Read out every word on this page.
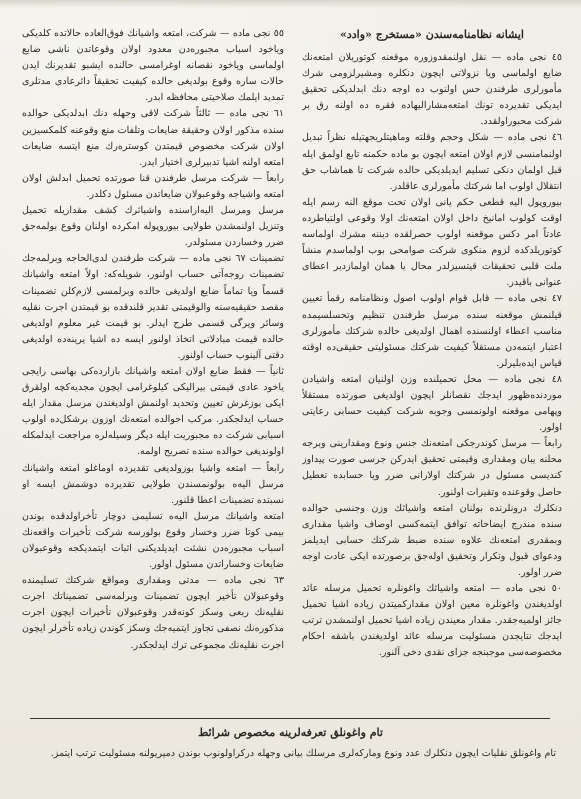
ایشانه نظامنامه‌سندن «مستخرج «وادد»

٤٥ نجی ماده — نقل اولنمقدوزوره موقعنه کوتوریلان امتعه‌نك ضایع اولماسی ویا نزولاتی ایچون دنکلره ومشیرلزومی شرك مأمورلری طرفندن حس اولنوب ده اوجه دنك ابدلدیکی تحقیق ایدیکی تقدیرده تونك امتعه‌مشارالیهاده فقره ده اولنه رق بر شرکت محبوراولقدد.

٤٦ نجی ماده — شکل وحجم وقلته وماهیتلریجهتیله نظراً تبدیل اولنمامنسی لازم اولان امتعه‌ ایچون بو ماده حکمنه تابع اولمق ایله قبل اولمان دنکی تسلیم ایدیلدیکی حالده شرکت تا هماشاب حق انتقلال اولوب اما شرکتك مأمورلری عاقلدر.

بیوروپول الیه قطعی حکم یانی اولان تحت موقع النه رسم ایله اوقت کولوب امانیخ داخل اولان امتعه‌نك اولا وقوعی اولتیاطرده عادتاً امر دکس موقعنه اولوب حصرلقده دیننه مشرك اولماسه کوتوریلدکده لزوم منکوی شرکت صوامحی بوب اولماسدم منشاً ملت قلبی تحقیقات قیتسیزلدر محال یا همان اولمازدیر اعطای عنوانی باقیدر.

٤٧ نجی ماده — قابل قوام اولوب اصول ونظامنامه رقمأ تعیین قیلنمش موقعنه سنده مرسل طرفندن تنظیم وتحسلسیمده مناسب اعطاء اولنسنده اهمال اولدیغی حالده شرکتك مأمورلری اعتبار ایتمه‌دن مستقلاً کیفیت شرکتك مسئولیتی حقیقی‌ده اوقته قیاس ایده‌بلیرلر.

٤٨ نجی ماده — محل تحمیلنده وزن اولنیان امتعه واشیادن موردنده‌ظهور ایدجك نقصانلر ایچون اولدیغی صورتده مستقلاً وپهامی موقعنه اولونمسی وجوبه شرکت کیفیت حسابی رعایتی اولور.

رابعاً — مرسل کوندرجکی امتعه‌نك جنس ونوع ومقدارینی وبرجه محلنه یبان ومقداری وقیمتی تحقیق ایدرکن جرسی صورت پیداوز کندیسی مسئول در شرکتك اولارانی ضرر ویا حسابده تعطیل حاصل وقوعنده وتقیرات اولنور.

دنکلرك درونلرنده بولنان امتعه واشیاثك وزن وجنسی حوالده سنده مندرج ایضاحاته توافق ایتمه‌کسی اوصاف واشیا مقداری وبمقدری امتعه‌نك علاوه سنده ضبط شرکتك حسابی ایدیلمز ودعوای قبول وتکرار وتحقیق اوله‌جق برصورتده ایکی عادت اوجه ضرر اولور.

٥٠ نجی ماده — امتعه واشیاثك واغونلره تحمیل مرسله عائد اولدیغندن واغونلره معین اولان مقدارکمیتدن زیاده اشیا تحمیل جائز اولمیه‌جقدر. مقدار معیندن زیاده اشیا تحمیل اولنمشدن ترتب ایدجك نتایجدن مسئولیت مرسله عائد اولدیغندن باشقه احکام مخصوصه‌سی موجبنجه جزای نقدی دخی آلنور.

٥٥ نجی ماده — شرکت، امتعه واشیانك فوق‌العاده حالاتده کلدیکی ویاخود اسباب مجبوره‌دن معدود اولان وقوعاتدن ناشی ضایع اولماسی ویاخود نقصانه اوغرامسی حالنده ایشبو تقدیرنك ایدن حالات ساره وقوع بولدیغی حالده کیفیت تحقیقاً دائرعادی مدتلری تمدید ایلمك صلاحیتی محافظه ابدر.

٦١ نجی ماده — ثالثاً شرکت لاقی وجهله دنك ابدلدیکی حوالده سنده مذکور اولان وحقیقة ضایعات وتلفات منع وقوعنه کلمکسیزین اولان شرکت مخصوص قیمتدن کوستره‌رك منع ایتسه ضایعات امتعه اولنه اشیا تدبیرلری اختیار ایدر.

رابعاً — شرکت مرسل طرفندن قنا صورتده تحمیل ابدلش اولان امتعه واشیاجه وقوعبولان ضایعاتدن مسئول دکلدر.

مرسل ومرسل الیه‌اراسنده واشیاثرك کشف مقداریله تحمیل وتنزیل اولنمشدن طولایی بیوروپوله امکرده اولنان وقوع بولمه‌جق ضرر وخساردن مسئولدر.

تضمینات ٦٧ نجی ماده — شرکت طرفندن لدی‌الحاجه وبرلمه‌جك تضمینات روجه‌آتی حساب اولنور، شویله‌که: اولاً امتعه واشیانك قسماً ویا تماماً ضایع اولدیغی حالده وبرلمسی لازم‌کلن تضمینات مقصد حقیقیه‌سنه والوقیمتی تقدیر قلندقده بو قیمتدن اجرت نقلیه وسائر ویرگی قسمی طرح ایدلر. بو قیمت غیر معلوم اولدیغی حالده قیمت مبادلاتی اتخاذ اولنور ایسه ده اشیا یرینه‌ده اولدیغی دقتی آلینوب حساب اولنور.

ثانیاً — فقط ضایع اولان امتعه واشیانك بازارده‌کی بهاسی رایجی یاخود عادی قیمتی بیرالیکی کیلوغرامی ایچون مجدیه‌کچه اولقرق ایکی بوزغرش تعیین وتحدید اولنمش اولدیغندن مرسل مقدار ایله حساب ایدلجکدر. مرکب احوالده امتعه‌نك اوزون برشکل‌ده اولوب اسبابی شرکت ده مجبوریت ایله دیگر وسیله‌لره مراجعت ایدلمکله اولوندیغی حوالده سنده تصریح اولمه.

رابعاً — امتعه واشیا بوزولدیغی تقدیرده اوماغلو امتعه واشیانك مرسل الیه‌ه بولونمسندن طولایی تقدیرده دوشمش ایسه او نسبتده تضمینات اعطا قلنور.

امتعه واشیانك مرسل الیه‌ه تسلیمی دوچار تأخراولدقده بوندن بیمی کوتا ضرر وخسار وقوع بولورسه شرکت تأخیرات واقعه‌نك اسباب مجبوره‌دن نشئت ایدیلدیکنی اثبات ایتمدیکجه وقوعبولان ضایعات وخساراتدن مسئول اولور.

٦٣ نجی ماده — مدتی ومقداری ومواقع شرکتك تسلیمنده وقوعبولان تأخیر ایچون تضمینات وبرلمه‌سی تضمیناتك اجرت نقلیه‌نك ربعی وسکز کونه‌قدر وقوعبولان تأخیرات ایچون اجرت مذکوره‌نك نصفی تجاوز ایتمیه‌جك وسکز کوندن زیاده تأخرلر ایچون اجرت نقلیه‌نك مجموعی ترك ایدلجکدر.

تام واغونلق تعرفه‌لرینه مخصوص شرائط
تام واغونلق نقلیات ایچون دنکلرك عدد ونوع وماركه‌لری مرسلك بیانی وجهله دركراولونوب بوندن دمیریولنه مسئولیت ترتب ایتمز.
